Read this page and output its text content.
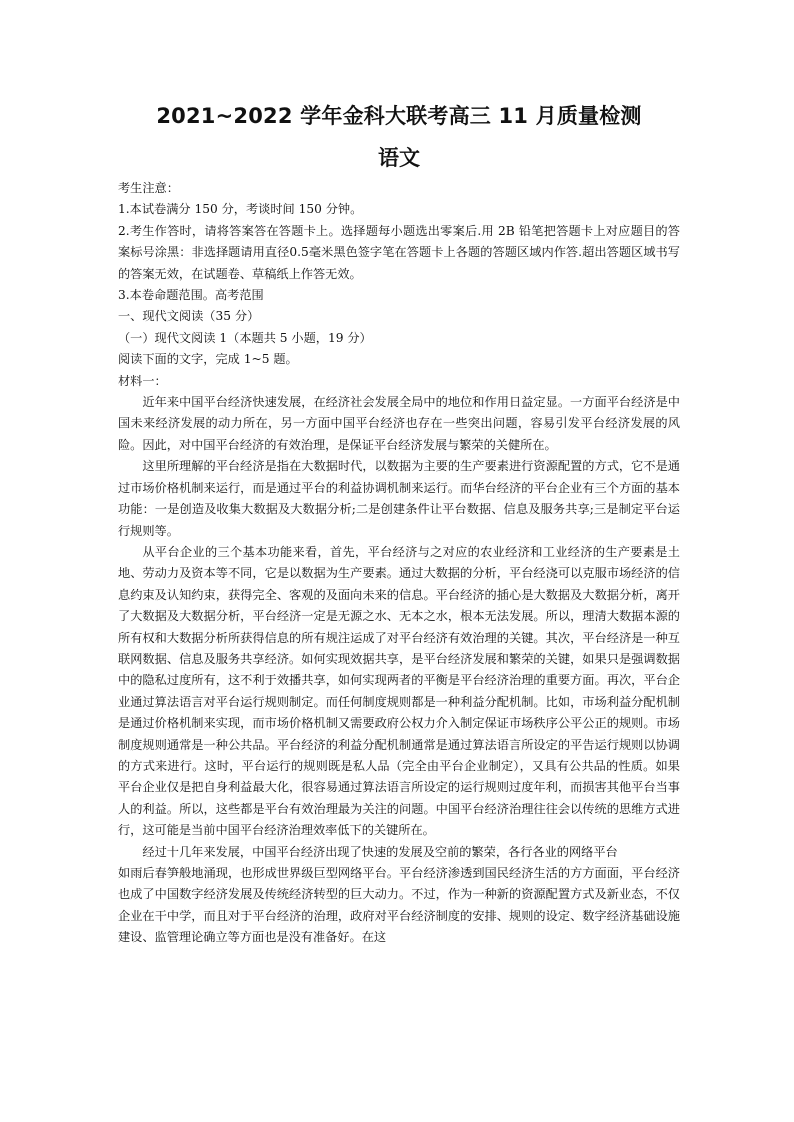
2021~2022 学年金科大联考高三 11 月质量检测
语文

考生注意：

1.本试卷满分 150 分，考谈时间 150 分钟。

2.考生作答时，请将答案答在答题卡上。选择题每小题选出零案后.用 2B 铅笔把答题卡上对应题目的答案标号涂黑：非选择题请用直径0.5毫米黑色签字笔在答题卡上各题的答题区域内作答.超出答题区域书写的答案无效，在试题卷、草稿纸上作答无效。

3.本卷命题范围。高考范围

一、现代文阅读（35 分）

（一）现代文阅读 1（本题共 5 小题，19 分）

阅读下面的文字，完成 1~5 题。

材料一：

近年来中国平台经济快速发展，在经济社会发展全局中的地位和作用日益定显。一方面平台经济是中国未来经济发展的动力所在，另一方面中国平台经济也存在一些突出问题，容易引发平台经济发展的风险。因此，对中国平台经济的有效治理，是保证平台经济发展与繁荣的关健所在。

这里所理解的平台经济是指在大数据时代，以数据为主要的生产要素进行资源配置的方式，它不是通过市场价格机制来运行，而是通过平台的利益协调机制来运行。而华台经济的平台企业有三个方面的基本功能：一是创造及收集大数据及大数据分析;二是创建条件让平台数据、信息及服务共享;三是制定平台运行规则等。

从平台企业的三个基本功能来看，首先，平台经济与之对应的农业经济和工业经济的生产要素是土地、劳动力及资本等不同，它是以数据为生产要素。通过大数据的分析，平台经浇可以克服市场经济的信息约束及认知约束，获得完全、客观的及面向未来的信息。平台经济的插心是大数据及大数据分析，离开了大数据及大数据分析，平台经济一定是无源之水、无本之水，根本无法发展。所以，理清大数据本源的所有权和大数据分析所获得信息的所有规注运成了对平台经济有效治理的关键。其次，平台经济是一种互联网数据、信息及服务共享经济。如何实现效据共享，是平台经济发展和繁荣的关键，如果只是强调数据中的隐私过度所有，这不利于效播共享，如何实现两者的平衡是平台经济治理的重要方面。再次，平台企业通过算法语言对平台运行规则制定。而任何制度规则都是一种利益分配机制。比如，市场利益分配机制是通过价格机制来实现，而市场价格机制又需要政府公权力介入制定保证市场秩序公平公正的规则。市场制度规则通常是一种公共品。平台经济的利益分配机制通常是通过算法语言所设定的平告运行规则以协调的方式来进行。这时，平台运行的规则既是私人品（完全由平台企业制定），又具有公共品的性质。如果平台企业仅是把自身利益最大化，很容易通过算法语言所设定的运行规则过度年利，而损害其他平台当事人的利益。所以，这些都是平台有效治理最为关注的问题。中国平台经济治理往往会以传统的思维方式进行，这可能是当前中国平台经济治理效率低下的关键所在。

经过十几年来发展，中国平台经济出现了快速的发展及空前的繁荣，各行各业的网络平台

如雨后春笋般地涌现，也形成世界级巨型网络平台。平台经济渗透到国民经济生活的方方面面，平台经济也成了中国数字经济发展及传统经济转型的巨大动力。不过，作为一种新的资源配置方式及新业态，不仅企业在干中学，而且对于平台经济的治理，政府对平台经济制度的安排、规则的设定、数字经济基础设施建设、监管理论确立等方面也是没有准备好。在这
